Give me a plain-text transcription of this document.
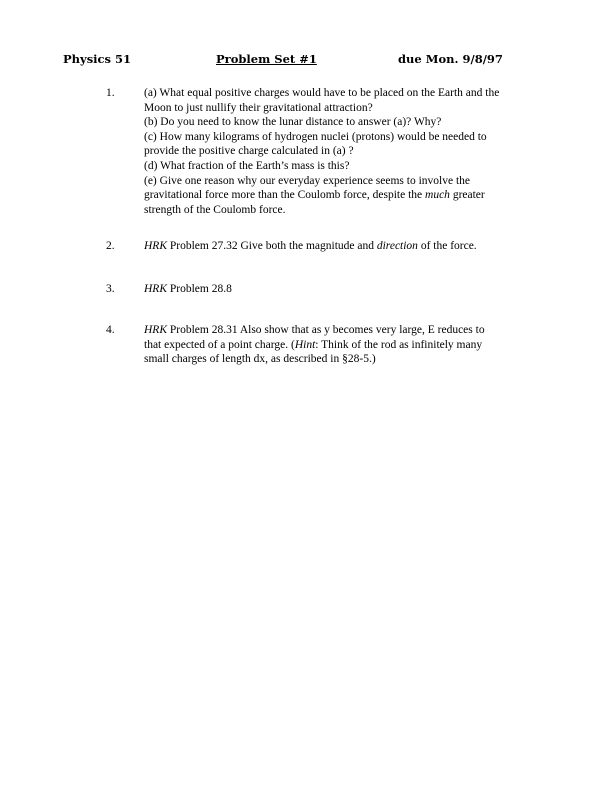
Physics 51	Problem Set #1	due Mon. 9/8/97
1.	(a) What equal positive charges would have to be placed on the Earth and the
Moon to just nullify their gravitational attraction?
(b) Do you need to know the lunar distance to answer (a)? Why?
(c) How many kilograms of hydrogen nuclei (protons) would be needed to
provide the positive charge calculated in (a) ?
(d) What fraction of the Earth’s mass is this?
(e) Give one reason why our everyday experience seems to involve the
gravitational force more than the Coulomb force, despite the much greater
strength of the Coulomb force.
2.	HRK Problem 27.32 Give both the magnitude and direction of the force.
3.	HRK Problem 28.8
4.	HRK Problem 28.31 Also show that as y becomes very large, E reduces to
that expected of a point charge. (Hint: Think of the rod as infinitely many
small charges of length dx, as described in §28-5.)
